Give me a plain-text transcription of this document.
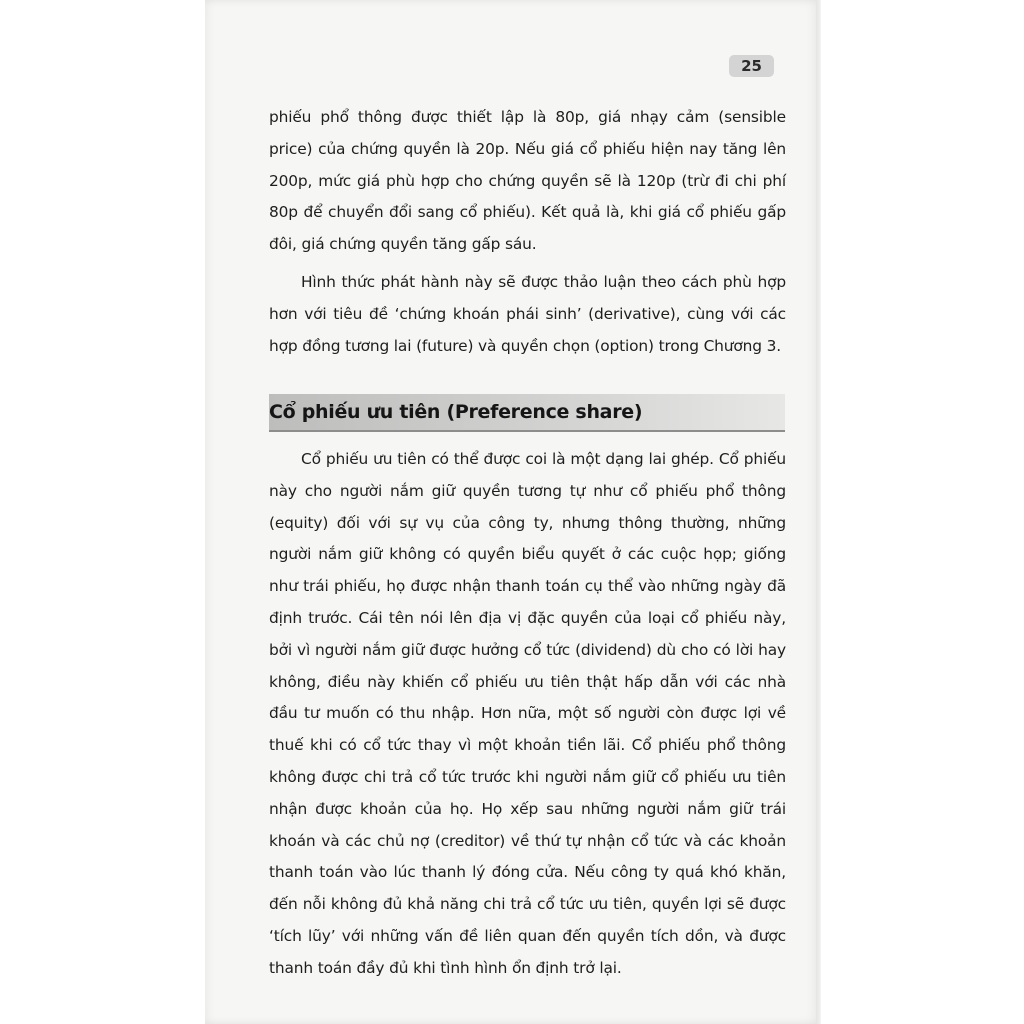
25

phiếu phổ thông được thiết lập là 80p, giá nhạy cảm (sensible price) của chứng quyền là 20p. Nếu giá cổ phiếu hiện nay tăng lên 200p, mức giá phù hợp cho chứng quyền sẽ là 120p (trừ đi chi phí 80p để chuyển đổi sang cổ phiếu). Kết quả là, khi giá cổ phiếu gấp đôi, giá chứng quyền tăng gấp sáu.

Hình thức phát hành này sẽ được thảo luận theo cách phù hợp hơn với tiêu đề ‘chứng khoán phái sinh’ (derivative), cùng với các hợp đồng tương lai (future) và quyền chọn (option) trong Chương 3.

Cổ phiếu ưu tiên (Preference share)

Cổ phiếu ưu tiên có thể được coi là một dạng lai ghép. Cổ phiếu này cho người nắm giữ quyền tương tự như cổ phiếu phổ thông (equity) đối với sự vụ của công ty, nhưng thông thường, những người nắm giữ không có quyền biểu quyết ở các cuộc họp; giống như trái phiếu, họ được nhận thanh toán cụ thể vào những ngày đã định trước. Cái tên nói lên địa vị đặc quyền của loại cổ phiếu này, bởi vì người nắm giữ được hưởng cổ tức (dividend) dù cho có lời hay không, điều này khiến cổ phiếu ưu tiên thật hấp dẫn với các nhà đầu tư muốn có thu nhập. Hơn nữa, một số người còn được lợi về thuế khi có cổ tức thay vì một khoản tiền lãi. Cổ phiếu phổ thông không được chi trả cổ tức trước khi người nắm giữ cổ phiếu ưu tiên nhận được khoản của họ. Họ xếp sau những người nắm giữ trái khoán và các chủ nợ (creditor) về thứ tự nhận cổ tức và các khoản thanh toán vào lúc thanh lý đóng cửa. Nếu công ty quá khó khăn, đến nỗi không đủ khả năng chi trả cổ tức ưu tiên, quyền lợi sẽ được ‘tích lũy’ với những vấn đề liên quan đến quyền tích dồn, và được thanh toán đầy đủ khi tình hình ổn định trở lại.
